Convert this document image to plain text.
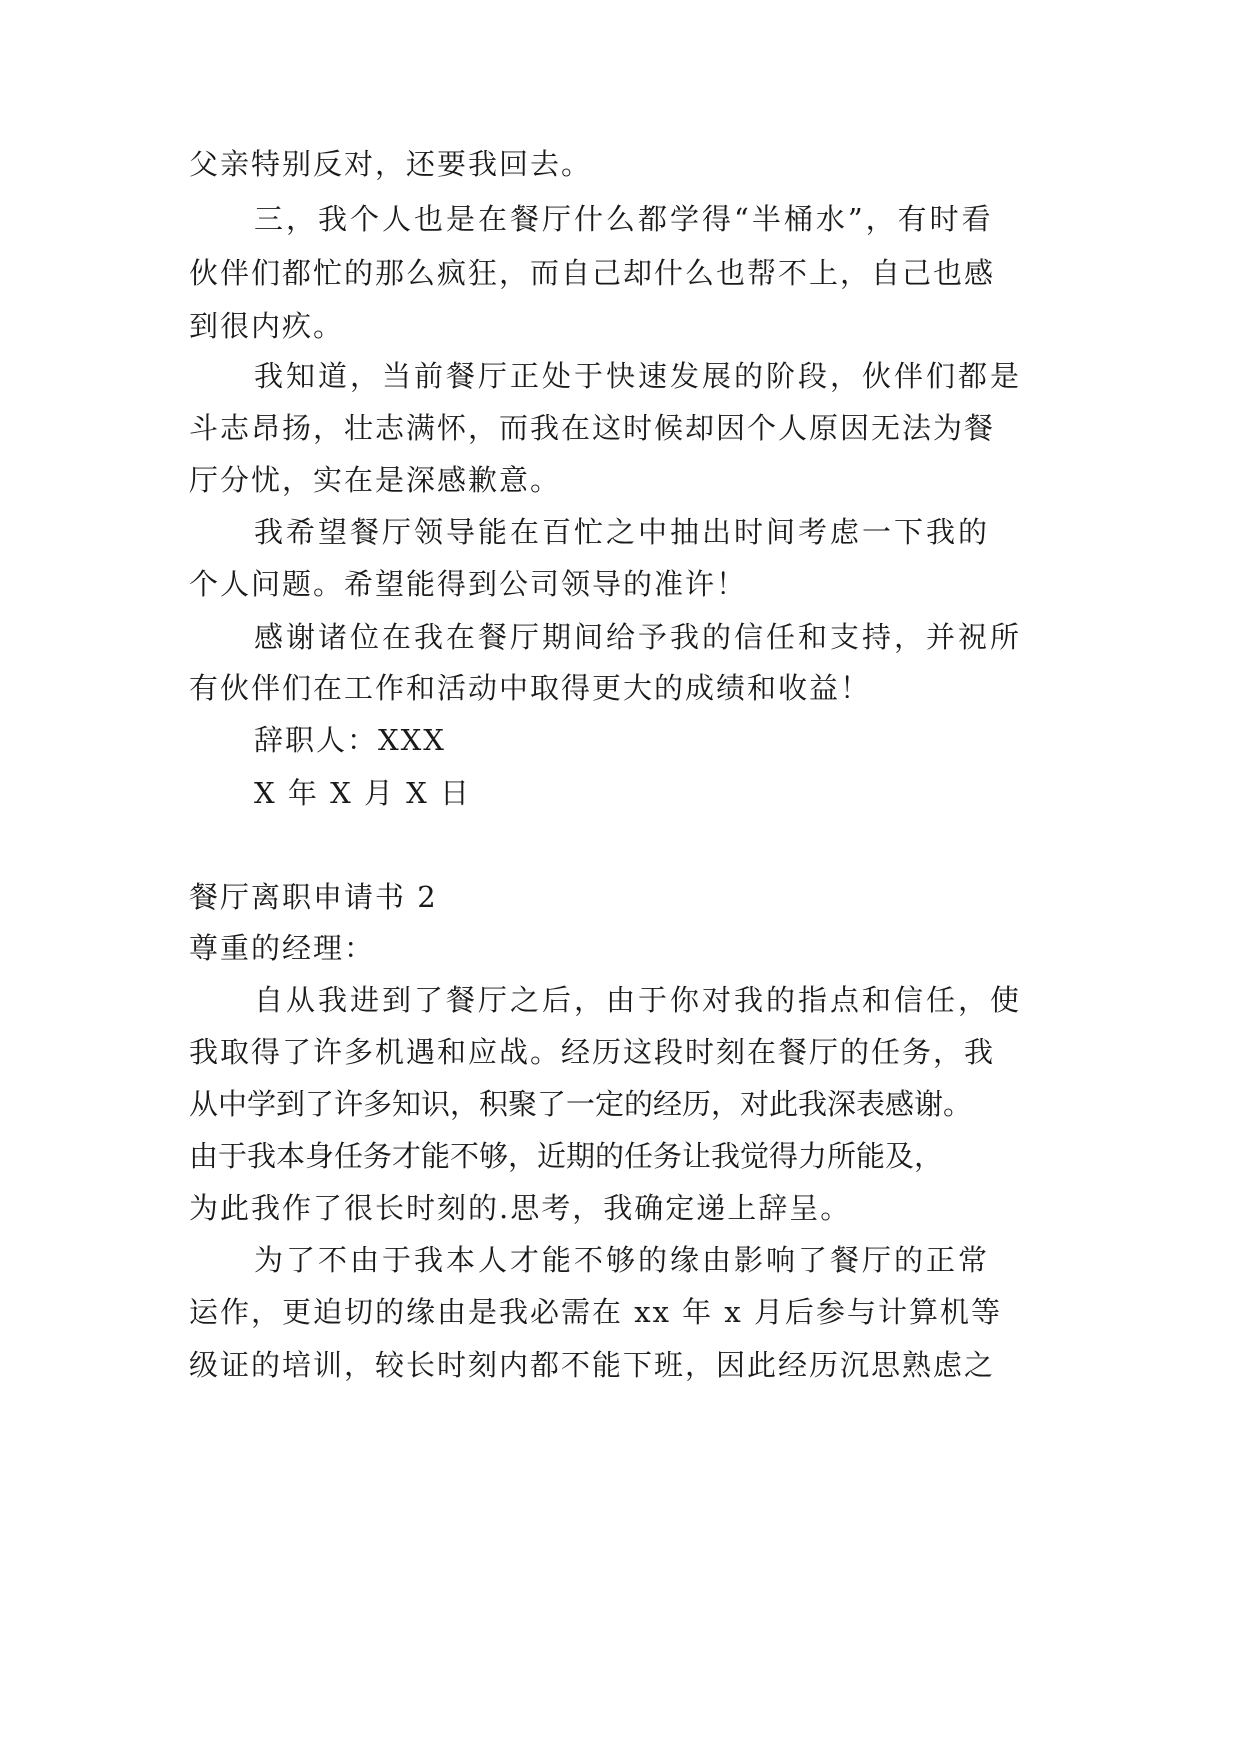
父亲特别反对，还要我回去。

三，我个人也是在餐厅什么都学得“半桶水”，有时看

伙伴们都忙的那么疯狂，而自己却什么也帮不上，自己也感

到很内疚。

我知道，当前餐厅正处于快速发展的阶段，伙伴们都是

斗志昂扬，壮志满怀，而我在这时候却因个人原因无法为餐

厅分忧，实在是深感歉意。

我希望餐厅领导能在百忙之中抽出时间考虑一下我的

个人问题。希望能得到公司领导的准许！

感谢诸位在我在餐厅期间给予我的信任和支持，并祝所

有伙伴们在工作和活动中取得更大的成绩和收益！

辞职人：XXX

X 年 X 月 X 日

餐厅离职申请书 2

尊重的经理：

自从我进到了餐厅之后，由于你对我的指点和信任，使

我取得了许多机遇和应战。经历这段时刻在餐厅的任务，我

从中学到了许多知识，积聚了一定的经历，对此我深表感谢。

由于我本身任务才能不够，近期的任务让我觉得力所能及，

为此我作了很长时刻的.思考，我确定递上辞呈。

为了不由于我本人才能不够的缘由影响了餐厅的正常

运作，更迫切的缘由是我必需在 xx 年 x 月后参与计算机等

级证的培训，较长时刻内都不能下班，因此经历沉思熟虑之
